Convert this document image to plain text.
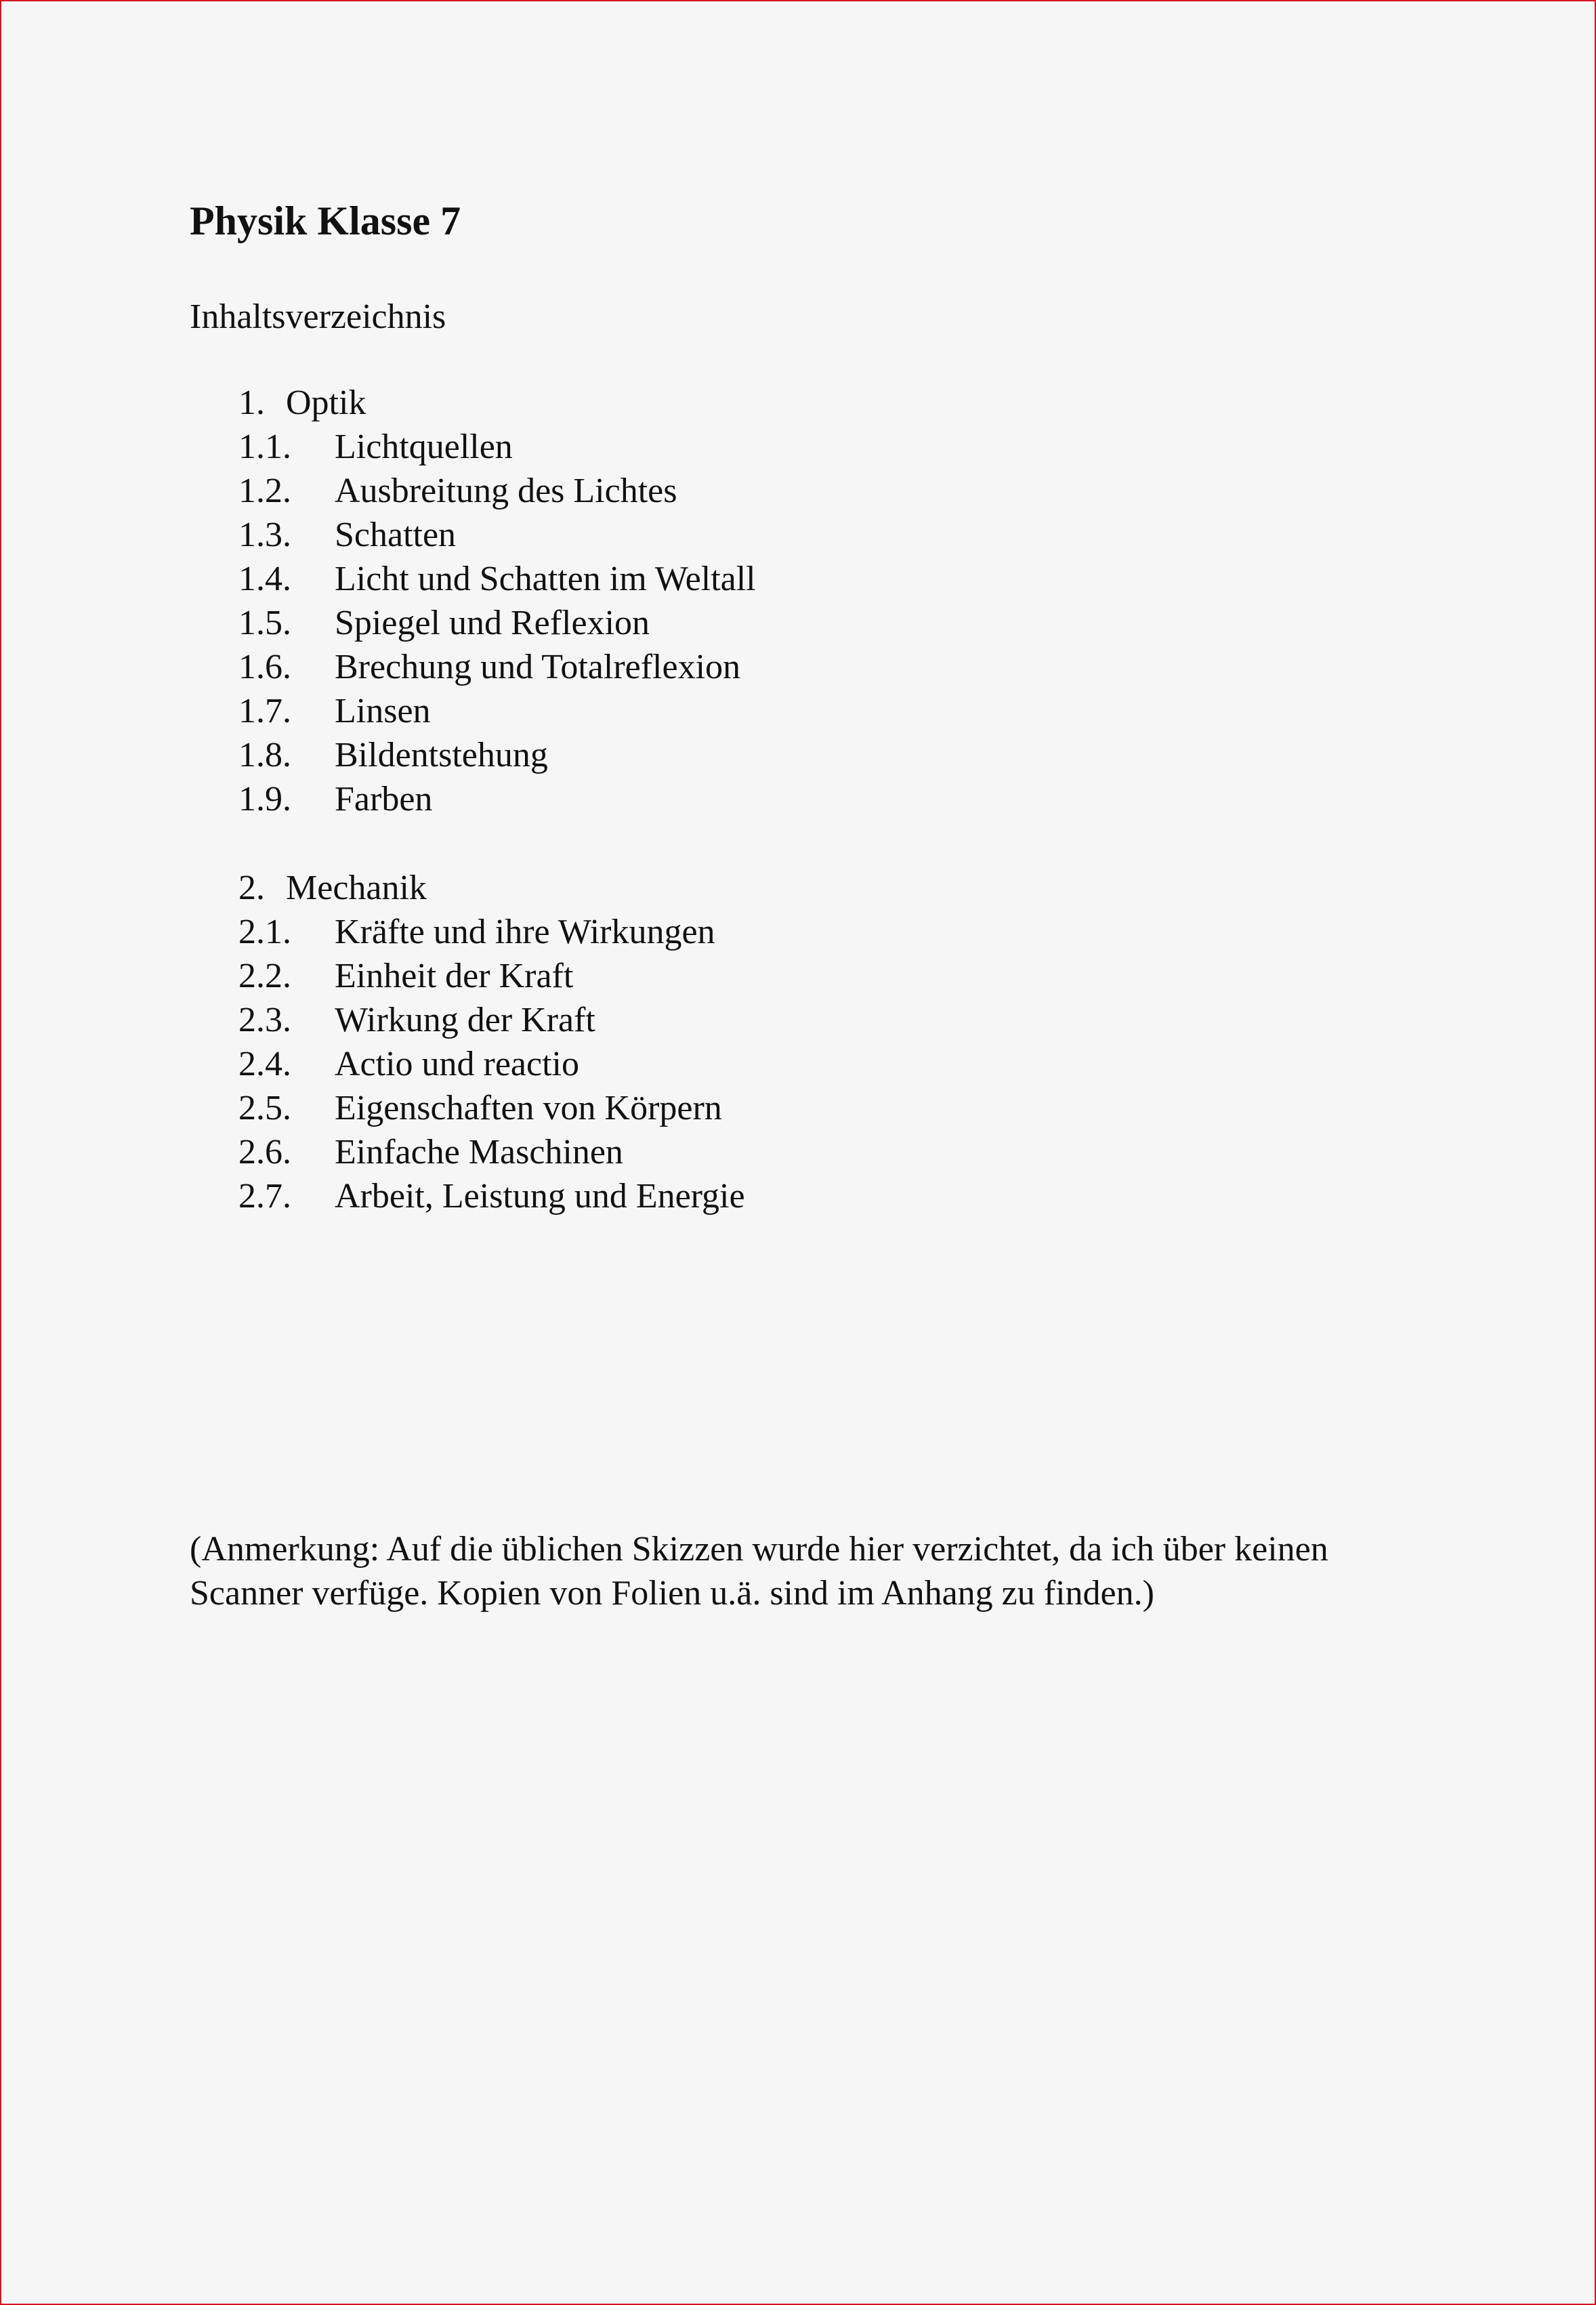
Physik Klasse 7
Inhaltsverzeichnis
1. Optik
1.1. Lichtquellen
1.2. Ausbreitung des Lichtes
1.3. Schatten
1.4. Licht und Schatten im Weltall
1.5. Spiegel und Reflexion
1.6. Brechung und Totalreflexion
1.7. Linsen
1.8. Bildentstehung
1.9. Farben
2. Mechanik
2.1. Kräfte und ihre Wirkungen
2.2. Einheit der Kraft
2.3. Wirkung der Kraft
2.4. Actio und reactio
2.5. Eigenschaften von Körpern
2.6. Einfache Maschinen
2.7. Arbeit, Leistung und Energie
(Anmerkung: Auf die üblichen Skizzen wurde hier verzichtet, da ich über keinen
Scanner verfüge. Kopien von Folien u.ä. sind im Anhang zu finden.)
